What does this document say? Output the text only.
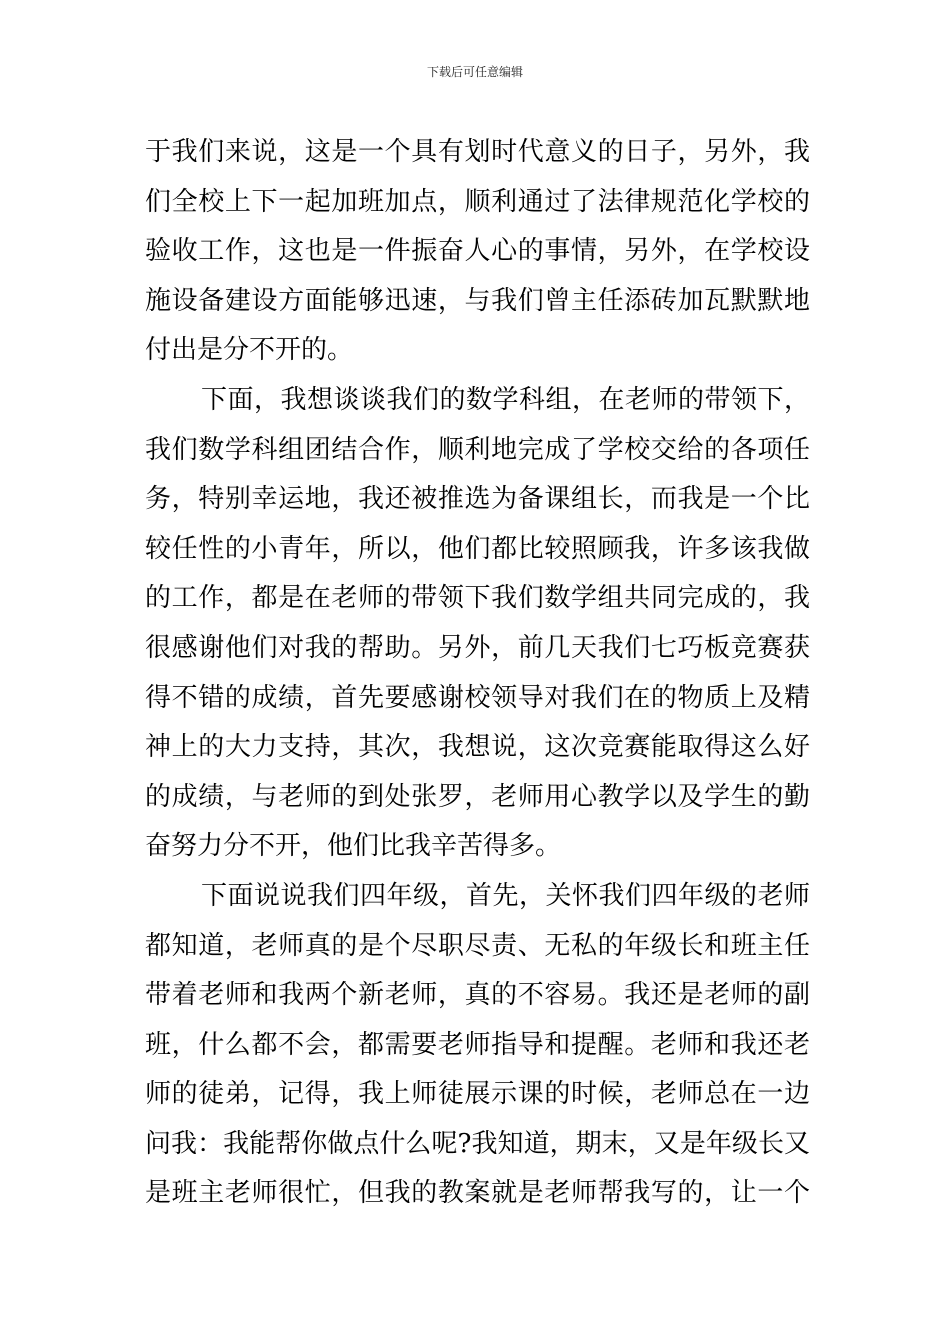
下载后可任意编辑
于我们来说，这是一个具有划时代意义的日子，另外，我
们全校上下一起加班加点，顺利通过了法律规范化学校的
验收工作，这也是一件振奋人心的事情，另外，在学校设
施设备建设方面能够迅速，与我们曾主任添砖加瓦默默地
付出是分不开的。
下面，我想谈谈我们的数学科组，在老师的带领下，
我们数学科组团结合作，顺利地完成了学校交给的各项任
务，特别幸运地，我还被推选为备课组长，而我是一个比
较任性的小青年，所以，他们都比较照顾我，许多该我做
的工作，都是在老师的带领下我们数学组共同完成的，我
很感谢他们对我的帮助。另外，前几天我们七巧板竞赛获
得不错的成绩，首先要感谢校领导对我们在的物质上及精
神上的大力支持，其次，我想说，这次竞赛能取得这么好
的成绩，与老师的到处张罗，老师用心教学以及学生的勤
奋努力分不开，他们比我辛苦得多。
下面说说我们四年级，首先，关怀我们四年级的老师
都知道，老师真的是个尽职尽责、无私的年级长和班主任
带着老师和我两个新老师，真的不容易。我还是老师的副
班，什么都不会，都需要老师指导和提醒。老师和我还老
师的徒弟，记得，我上师徒展示课的时候，老师总在一边
问我：我能帮你做点什么呢?我知道，期末，又是年级长又
是班主老师很忙，但我的教案就是老师帮我写的，让一个
